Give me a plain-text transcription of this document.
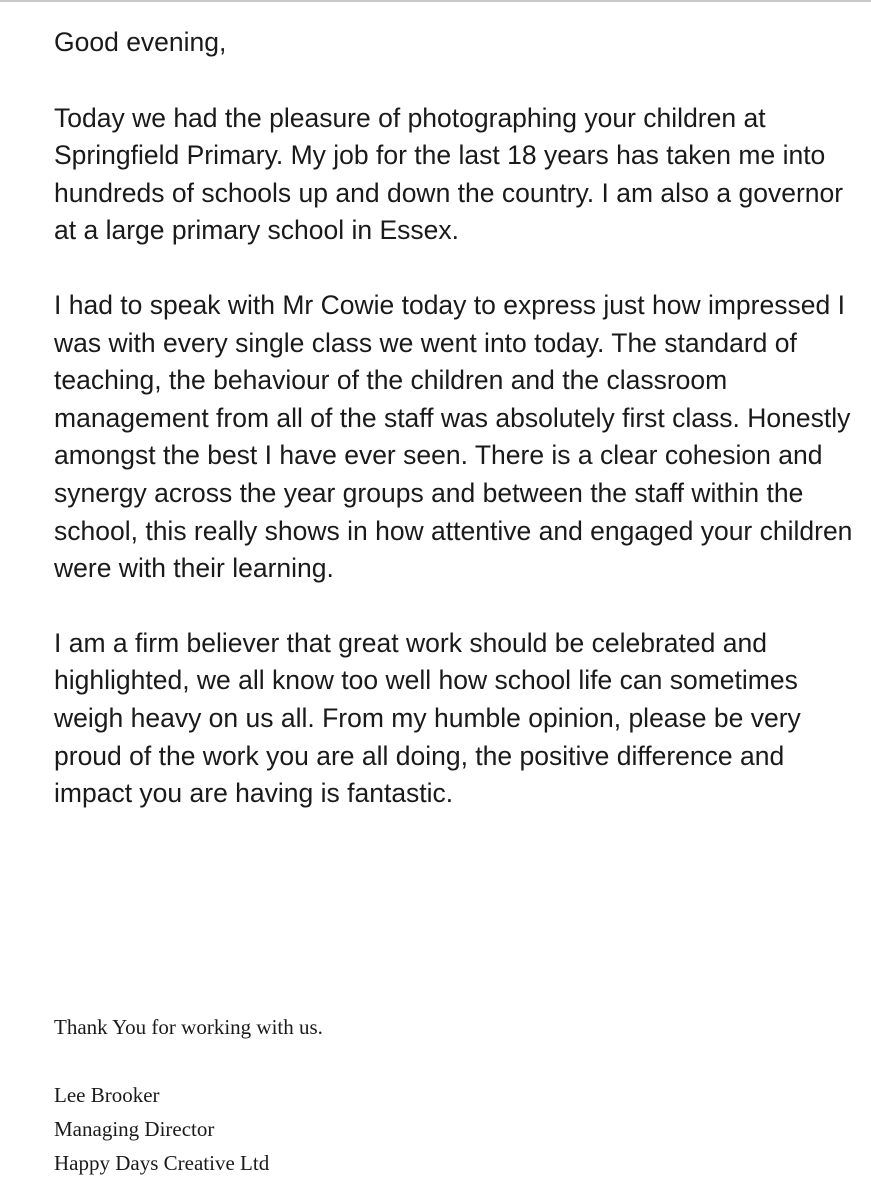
Good evening,

Today we had the pleasure of photographing your children at Springfield Primary. My job for the last 18 years has taken me into hundreds of schools up and down the country. I am also a governor at a large primary school in Essex.

I had to speak with Mr Cowie today to express just how impressed I was with every single class we went into today. The standard of teaching, the behaviour of the children and the classroom management from all of the staff was absolutely first class. Honestly amongst the best I have ever seen. There is a clear cohesion and synergy across the year groups and between the staff within the school, this really shows in how attentive and engaged your children were with their learning.

I am a firm believer that great work should be celebrated and highlighted, we all know too well how school life can sometimes weigh heavy on us all. From my humble opinion, please be very proud of the work you are all doing, the positive difference and impact you are having is fantastic.

Thank You for working with us.

Lee Brooker
Managing Director
Happy Days Creative Ltd
